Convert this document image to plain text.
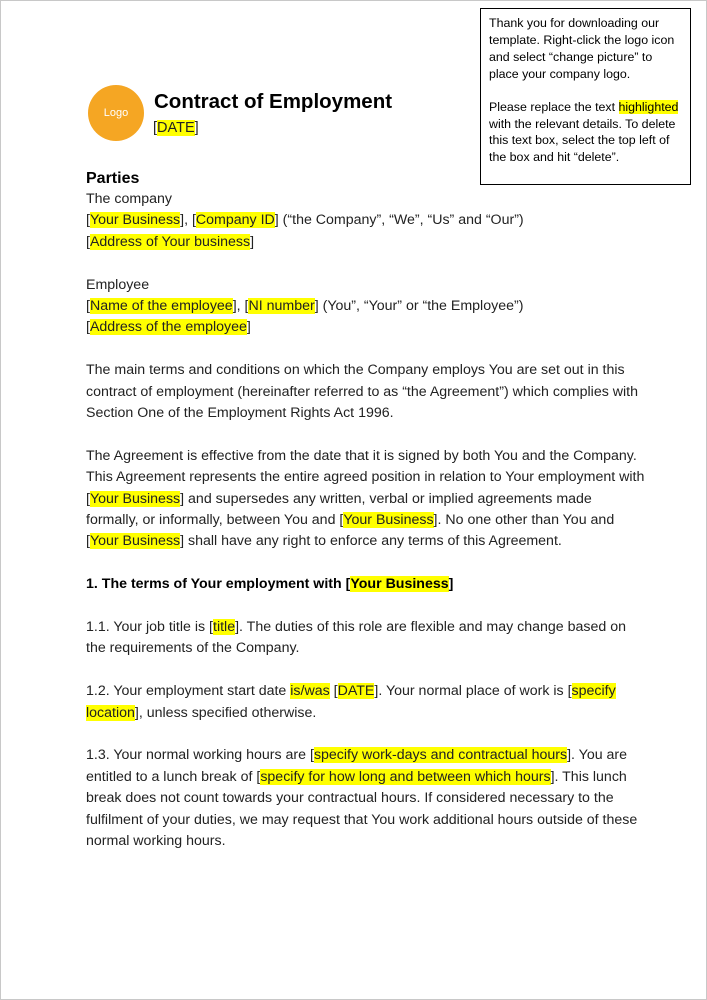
Thank you for downloading our template. Right-click the logo icon and select “change picture” to place your company logo.

Please replace the text highlighted with the relevant details. To delete this text box, select the top left of the box and hit “delete”.

Logo Contract of Employment
[DATE]

Parties

The company

[Your Business], [Company ID] (“the Company”, “We”, “Us” and “Our”)

[Address of Your business]

Employee

[Name of the employee], [NI number] (You”, “Your” or “the Employee”)

[Address of the employee]

The main terms and conditions on which the Company employs You are set out in this contract of employment (hereinafter referred to as “the Agreement”) which complies with Section One of the Employment Rights Act 1996.

The Agreement is effective from the date that it is signed by both You and the Company. This Agreement represents the entire agreed position in relation to Your employment with [Your Business] and supersedes any written, verbal or implied agreements made formally, or informally, between You and [Your Business]. No one other than You and [Your Business] shall have any right to enforce any terms of this Agreement.

1. The terms of Your employment with [Your Business]

1.1. Your job title is [title]. The duties of this role are flexible and may change based on the requirements of the Company.

1.2. Your employment start date is/was [DATE]. Your normal place of work is [specify location], unless specified otherwise.

1.3. Your normal working hours are [specify work-days and contractual hours]. You are entitled to a lunch break of [specify for how long and between which hours]. This lunch break does not count towards your contractual hours. If considered necessary to the fulfilment of your duties, we may request that You work additional hours outside of these normal working hours.
